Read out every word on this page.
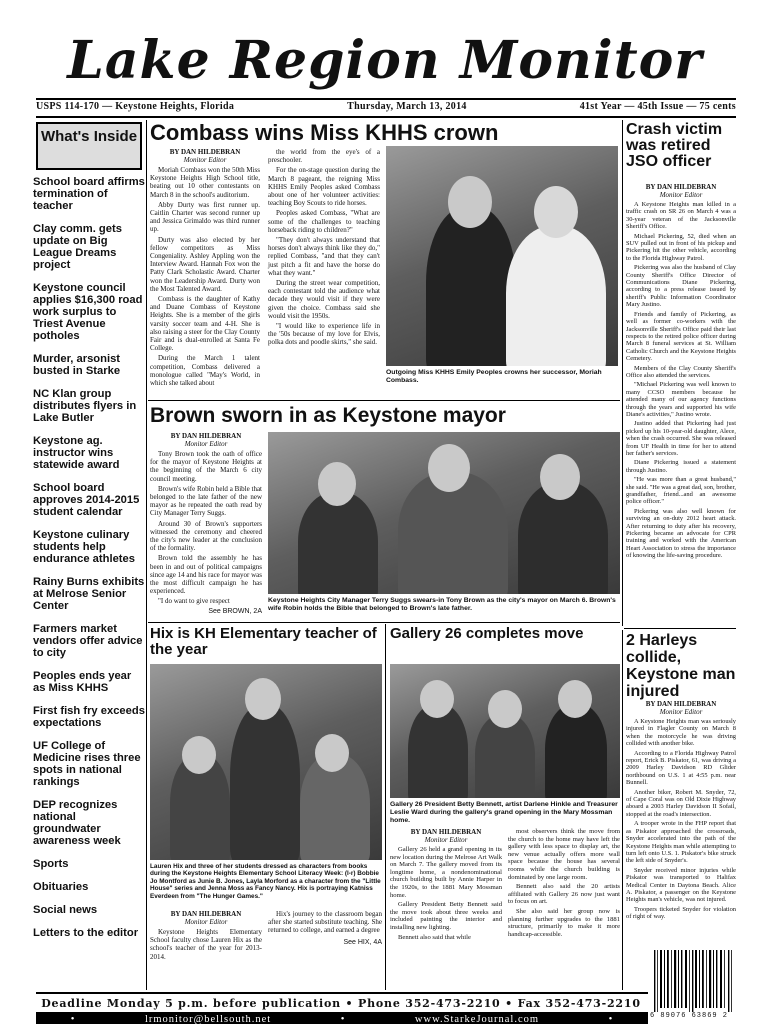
Lake Region Monitor
USPS 114-170 — Keystone Heights, Florida	Thursday, March 13, 2014	41st Year — 45th Issue — 75 cents
What's Inside
School board affirms termination of teacher
Clay comm. gets update on Big League Dreams project
Keystone council applies $16,300 road work surplus to Triest Avenue potholes
Murder, arsonist busted in Starke
NC Klan group distributes flyers in Lake Butler
Keystone ag. instructor wins statewide award
School board approves 2014-2015 student calendar
Keystone culinary students help endurance athletes
Rainy Burns exhibits at Melrose Senior Center
Farmers market vendors offer advice to city
Peoples ends year as Miss KHHS
First fish fry exceeds expectations
UF College of Medicine rises three spots in national rankings
DEP recognizes national groundwater awareness week
Sports
Obituaries
Social news
Letters to the editor
Combass wins Miss KHHS crown
BY DAN HILDEBRAN
Monitor Editor

Moriah Combass won the 50th Miss Keystone Heights High School title, beating out 10 other contestants on March 8 in the school's auditorium.

Abby Durty was first runner up. Caitlin Charter was second runner up and Jessica Grimaldo was third runner up.

Durty was also elected by her fellow competitors as Miss Congeniality. Ashley Appling won the Interview Award. Hannah Fox won the Patty Clark Scholastic Award. Charter won the Leadership Award. Durty won the Most Talented Award.

Combass is the daughter of Kathy and Duane Combass of Keystone Heights. She is a member of the girls varsity soccer team and 4-H. She is also raising a steer for the Clay County Fair and is dual-enrolled at Santa Fe College.

During the March 1 talent competition, Combass delivered a monologue called "May's World, in which she talked about

the world from the eye's of a preschooler.

For the on-stage question during the March 8 pageant, the reigning Miss KHHS Emily Peoples asked Combass about one of her volunteer activities: teaching Boy Scouts to ride horses.

Peoples asked Combass, "What are some of the challenges to teaching horseback riding to children?"

"They don't always understand that horses don't always think like they do," replied Combass, "and that they can't just pitch a fit and have the horse do what they want."

During the street wear competition, each contestant told the audience what decade they would visit if they were given the choice. Combass said she would visit the 1950s.

"I would like to experience life in the '50s because of my love for Elvis, polka dots and poodle skirts," she said.

Outgoing Miss KHHS Emily Peoples crowns her successor, Moriah Combass.
Crash victim was retired JSO officer
BY DAN HILDEBRAN
Monitor Editor

A Keystone Heights man killed in a traffic crash on SR 26 on March 4 was a 30-year veteran of the Jacksonville Sheriff's Office.

Michael Pickering, 52, died when an SUV pulled out in front of his pickup and Pickering hit the other vehicle, according to the Florida Highway Patrol.

Pickering was also the husband of Clay County Sheriff's Office Director of Communications Diane Pickering, according to a press release issued by sheriff's Public Information Coordinator Mary Justino.

Friends and family of Pickering, as well as former co-workers with the Jacksonville Sheriff's Office paid their last respects to the retired police officer during March 8 funeral services at St. William Catholic Church and the Keystone Heights Cemetery.

Members of the Clay County Sheriff's Office also attended the services.

"Michael Pickering was well known to many CCSO members because he attended many of our agency functions through the years and supported his wife Diane's activities," Justino wrote.

Justino added that Pickering had just picked up his 10-year-old daughter, Alece, when the crash occurred. She was released from UF Health in time for her to attend her father's services.

Diane Pickering issued a statement through Justino.

"He was more than a great husband," she said. "He was a great dad, son, brother, grandfather, friend...and an awesome police officer."

Pickering was also well known for surviving an on-duty 2012 heart attack. After returning to duty after his recovery, Pickering became an advocate for CPR training and worked with the American Heart Association to stress the importance of knowing the life-saving procedure.

Brown sworn in as Keystone mayor
BY DAN HILDEBRAN
Monitor Editor

Tony Brown took the oath of office for the mayor of Keystone Heights at the beginning of the March 6 city council meeting.

Brown's wife Robin held a Bible that belonged to the late father of the new mayor as he repeated the oath read by City Manager Terry Suggs.

Around 30 of Brown's supporters witnessed the ceremony and cheered the city's new leader at the conclusion of the formality.

Brown told the assembly he has been in and out of political campaigns since age 14 and his race for mayor was the most difficult campaign he has experienced.

"I do want to give respect

See BROWN, 2A
Keystone Heights City Manager Terry Suggs swears-in Tony Brown as the city's mayor on March 6. Brown's wife Robin holds the Bible that belonged to Brown's late father.
Hix is KH Elementary teacher of the year
Lauren Hix and three of her students dressed as characters from books during the Keystone Heights Elementary School Literacy Week: (l-r) Bobbie Jo Montford as Junie B. Jones, Layla Morford as a character from the "Little House" series and Jenna Moss as Fancy Nancy. Hix is portraying Katniss Everdeen from "The Hunger Games."
BY DAN HILDEBRAN
Monitor Editor

Keystone Heights Elementary School faculty chose Lauren Hix as the school's teacher of the year for 2013-2014.

Hix's journey to the classroom began after she started substitute teaching. She returned to college, and earned a degree

See HIX, 4A
Gallery 26 completes move
Gallery 26 President Betty Bennett, artist Darlene Hinkle and Treasurer Leslie Ward during the gallery's grand opening in the Mary Mossman home.
BY DAN HILDEBRAN
Monitor Editor

Gallery 26 held a grand opening in its new location during the Melrose Art Walk on March 7. The gallery moved from its longtime home, a nondenominational church building built by Annie Harper in the 1920s, to the 1881 Mary Mossman home.

Gallery President Betty Bennett said the move took about three weeks and included painting the interior and installing new lighting.

Bennett also said that while

most observers think the move from the church to the home may have left the gallery with less space to display art, the new venue actually offers more wall space because the house has several rooms while the church building is dominated by one large room.

Bennett also said the 20 artists affiliated with Gallery 26 now just want to focus on art.

She also said her group now is planning further upgrades to the 1881 structure, primarily to make it more handicap-accessible.

2 Harleys collide, Keystone man injured
BY DAN HILDEBRAN
Monitor Editor

A Keystone Heights man was seriously injured in Flagler County on March 8 when the motorcycle he was driving collided with another bike.

According to a Florida Highway Patrol report, Erick B. Piskator, 61, was driving a 2009 Harley Davidson RD Glider northbound on U.S. 1 at 4:55 p.m. near Bunnell.

Another biker, Robert M. Snyder, 72, of Cape Coral was on Old Dixie Highway aboard a 2003 Harley Davidson II Sofail, stopped at the road's intersection.

A trooper wrote in the FHP report that as Piskator approached the crossroads, Snyder accelerated into the path of the Keystone Heights man while attempting to turn left onto U.S. 1. Piskator's bike struck the left side of Snyder's.

Snyder received minor injuries while Piskator was transported to Halifax Medical Center in Daytona Beach. Alice A. Piskator, a passenger on the Keystone Heights man's vehicle, was not injured.

Troopers ticketed Snyder for violation of right of way.

Deadline Monday 5 p.m. before publication • Phone 352-473-2210 • Fax 352-473-2210
•	lrmonitor@bellsouth.net	•	www.StarkeJournal.com	•	6 89076 63869 2
